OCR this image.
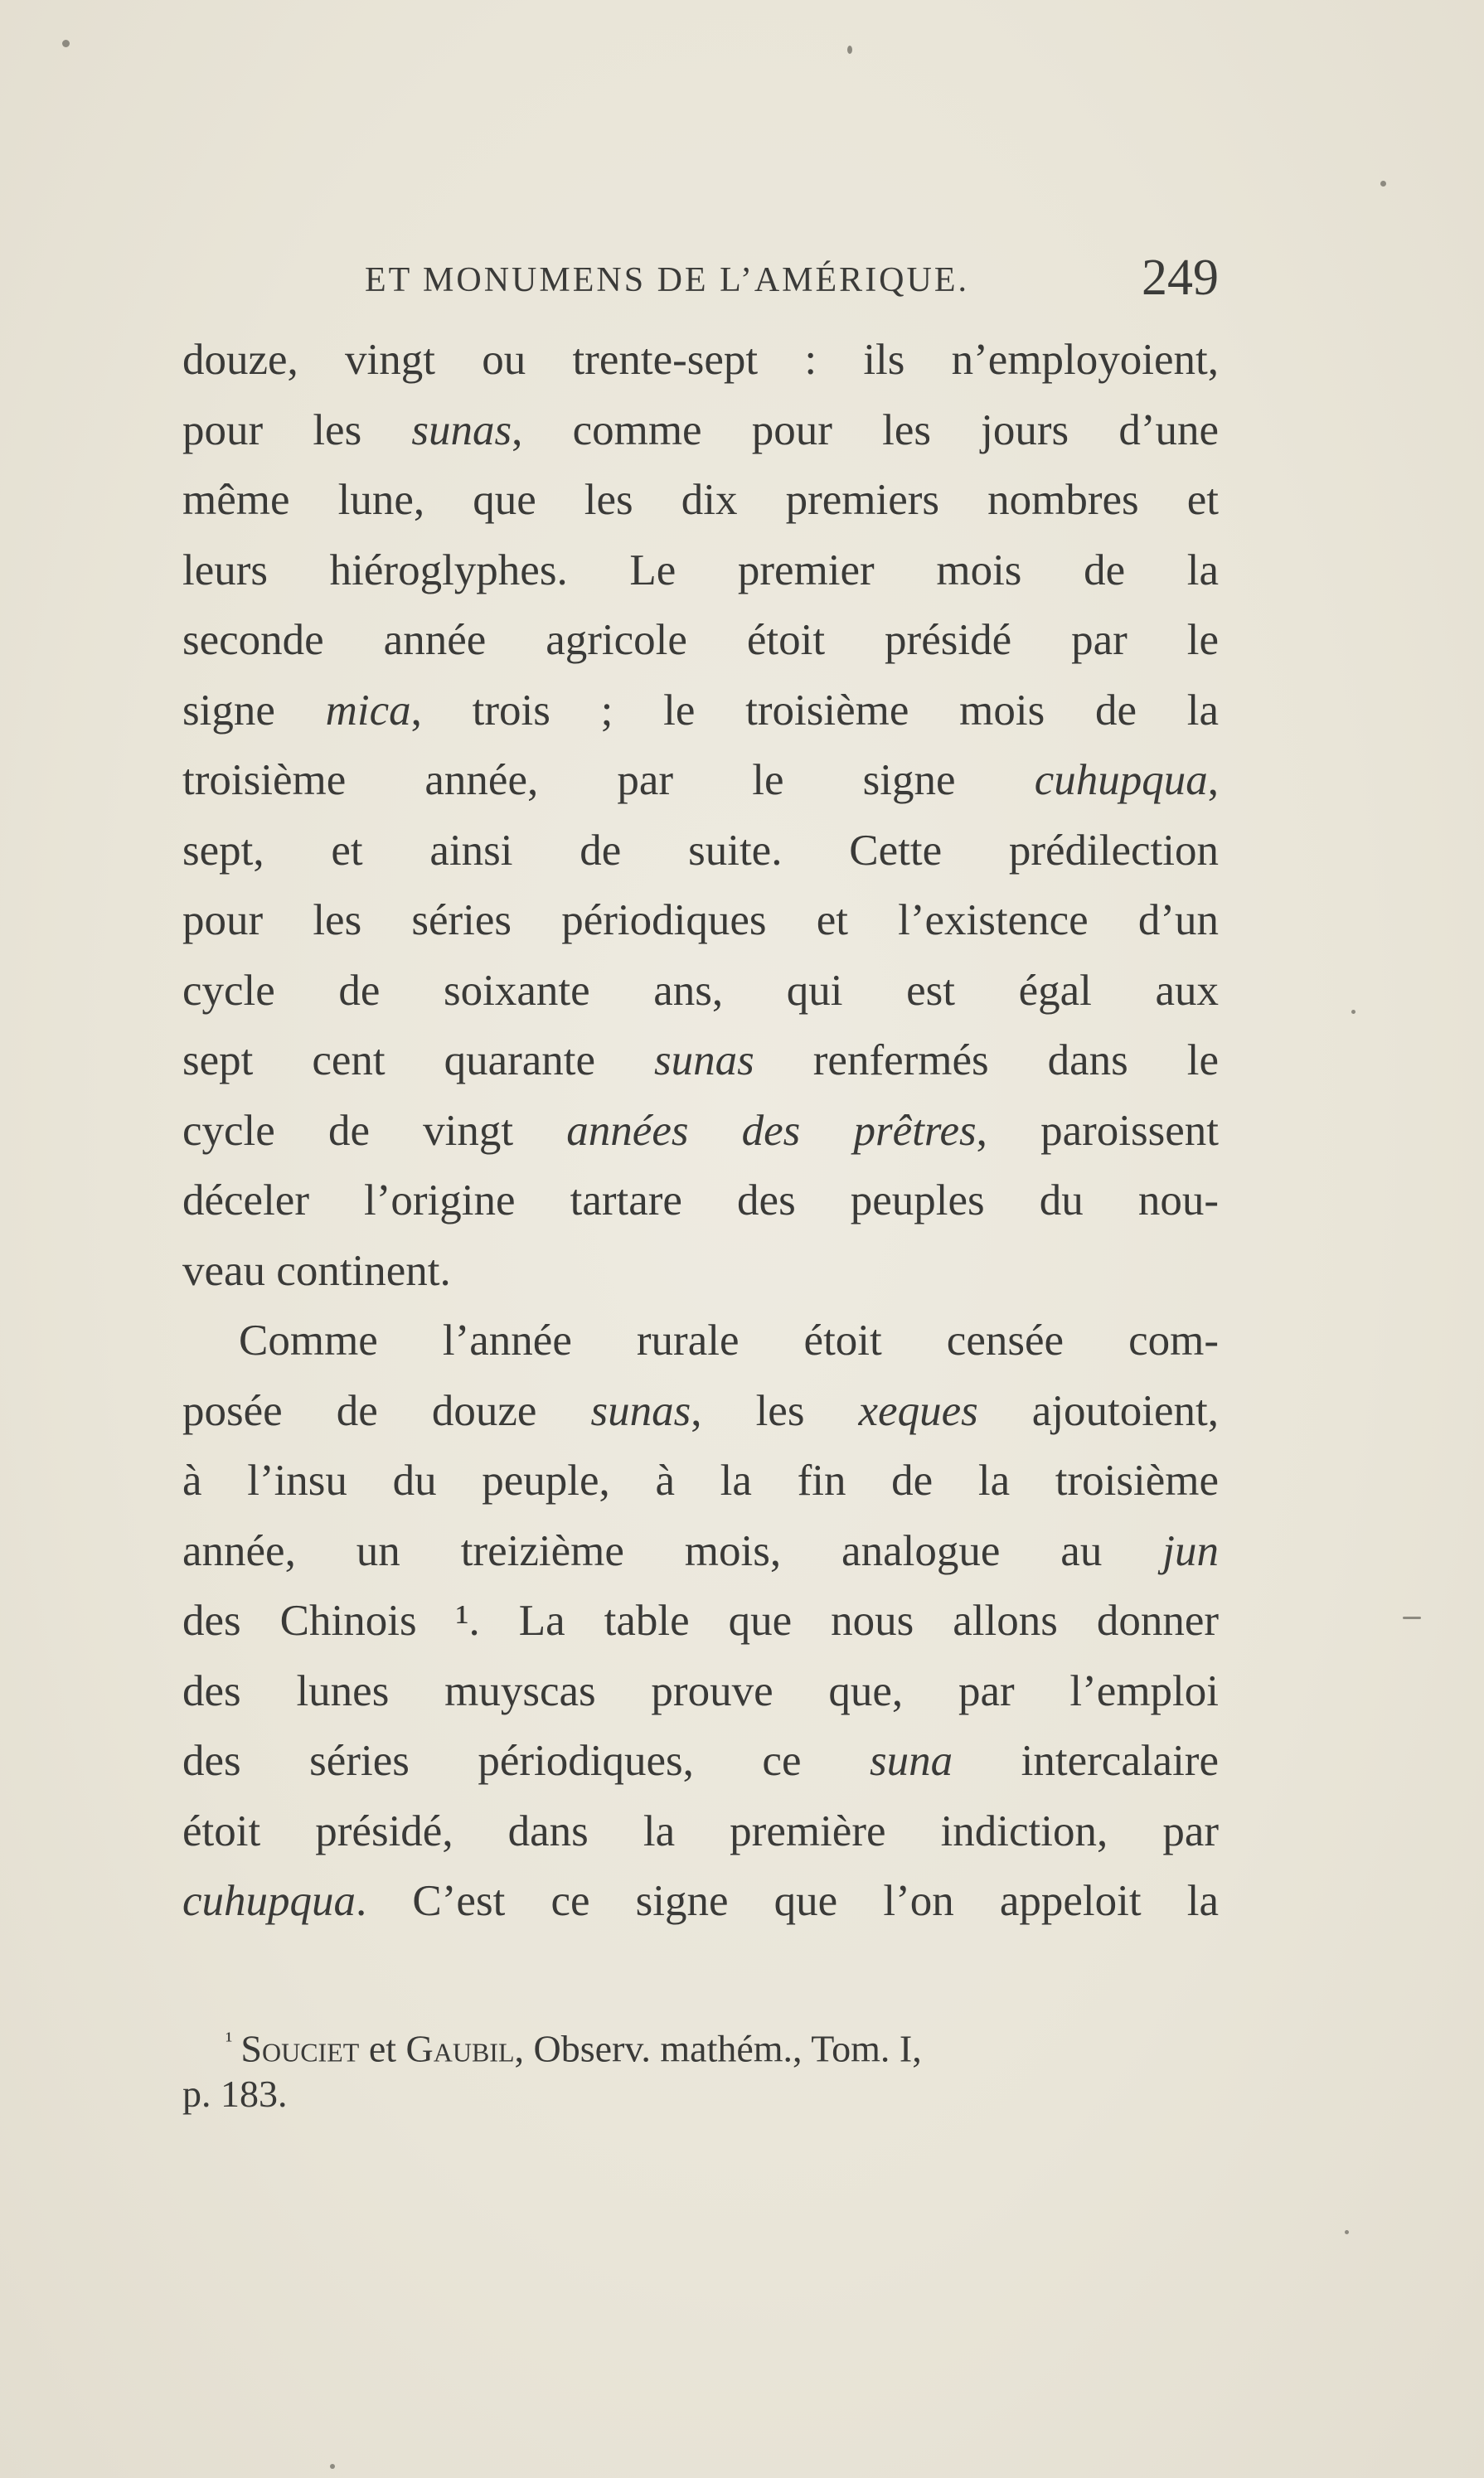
ET MONUMENS DE L’AMÉRIQUE.	249
douze, vingt ou trente-sept : ils n’employoient,
pour les sunas, comme pour les jours d’une
même lune, que les dix premiers nombres et
leurs hiéroglyphes. Le premier mois de la
seconde année agricole étoit présidé par le
signe mica, trois ; le troisième mois de la
troisième année, par le signe cuhupqua,
sept, et ainsi de suite. Cette prédilection
pour les séries périodiques et l’existence d’un
cycle de soixante ans, qui est égal aux
sept cent quarante sunas renfermés dans le
cycle de vingt années des prêtres, paroissent
déceler l’origine tartare des peuples du nou-
veau continent.
Comme l’année rurale étoit censée com-
posée de douze sunas, les xeques ajoutoient,
à l’insu du peuple, à la fin de la troisième
année, un treizième mois, analogue au jun
des Chinois ¹. La table que nous allons donner
des lunes muyscas prouve que, par l’emploi
des séries périodiques, ce suna intercalaire
étoit présidé, dans la première indiction, par
cuhupqua. C’est ce signe que l’on appeloit la
$^{^1}$ Souciet et Gaubil, Observ. mathém., Tom. I,
p. 183.
